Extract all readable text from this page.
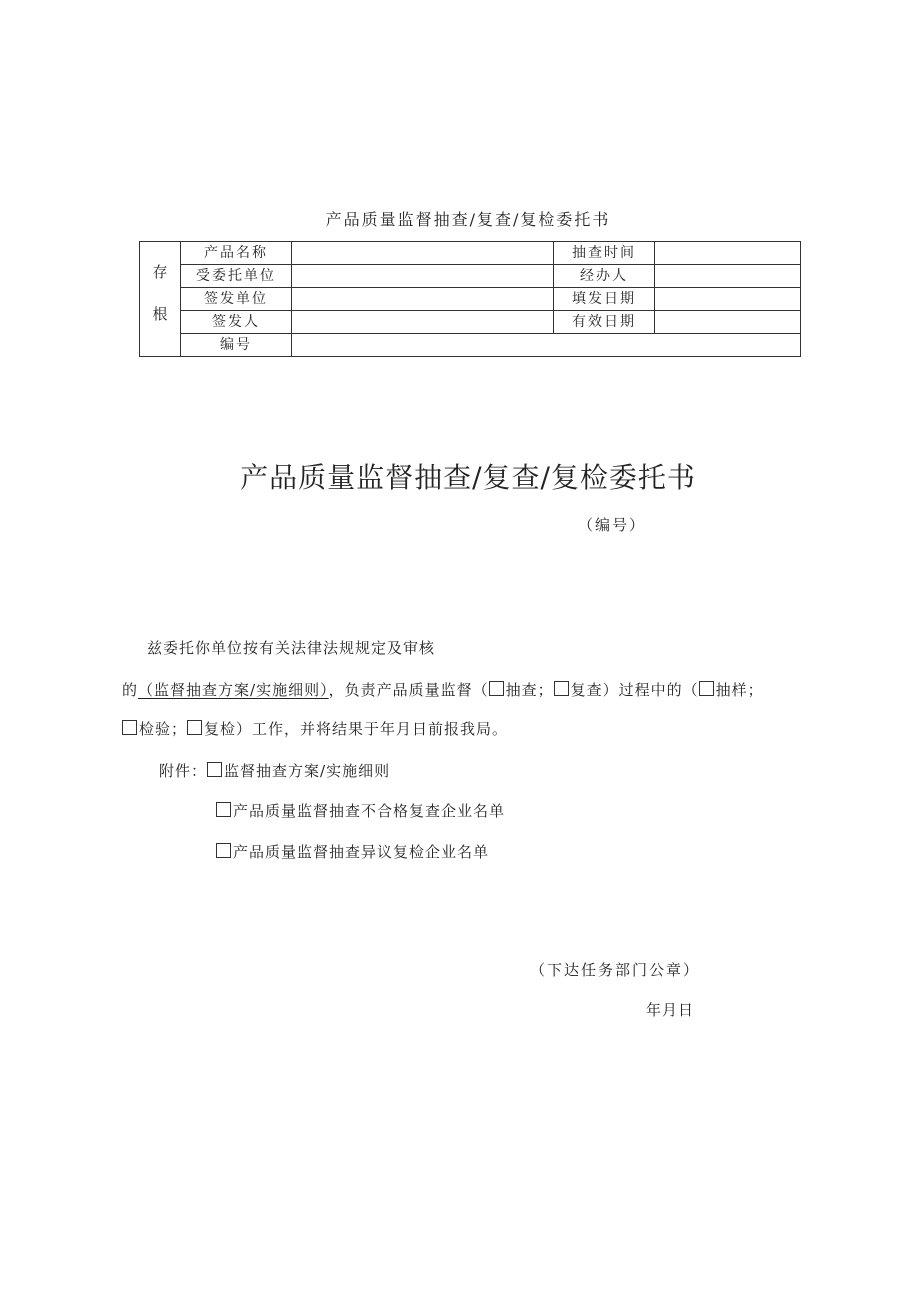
产品质量监督抽查/复查/复检委托书
存
根	产品名称		抽查时间	
	受委托单位		经办人	
	签发单位		填发日期	
	签发人		有效日期	
	编号			
产品质量监督抽查/复查/复检委托书
（编号）
兹委托你单位按有关法律法规规定及审核
的（监督抽查方案/实施细则），负责产品质量监督（ 抽查； 复查）过程中的（ 抽样；
检验； 复检）工作，并将结果于年月日前报我局。
附件： 监督抽查方案/实施细则
产品质量监督抽查不合格复查企业名单
产品质量监督抽查异议复检企业名单
（下达任务部门公章）
年月日
